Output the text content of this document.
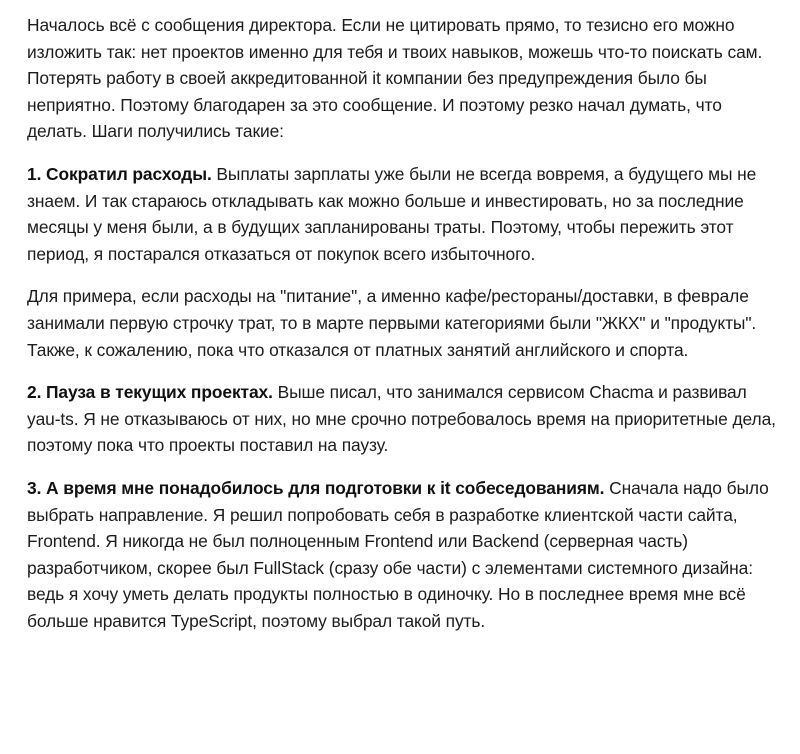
Началось всё с сообщения директора. Если не цитировать прямо, то тезисно его можно изложить так: нет проектов именно для тебя и твоих навыков, можешь что-то поискать сам. Потерять работу в своей аккредитованной it компании без предупреждения было бы неприятно. Поэтому благодарен за это сообщение. И поэтому резко начал думать, что делать. Шаги получились такие:

1. Сократил расходы. Выплаты зарплаты уже были не всегда вовремя, а будущего мы не знаем. И так стараюсь откладывать как можно больше и инвестировать, но за последние месяцы у меня были, а в будущих запланированы траты. Поэтому, чтобы пережить этот период, я постарался отказаться от покупок всего избыточного.

Для примера, если расходы на "питание", а именно кафе/рестораны/доставки, в феврале занимали первую строчку трат, то в марте первыми категориями были "ЖКХ" и "продукты". Также, к сожалению, пока что отказался от платных занятий английского и спорта.

2. Пауза в текущих проектах. Выше писал, что занимался сервисом Chacma и развивал yau-ts. Я не отказываюсь от них, но мне срочно потребовалось время на приоритетные дела, поэтому пока что проекты поставил на паузу.

3. А время мне понадобилось для подготовки к it собеседованиям. Сначала надо было выбрать направление. Я решил попробовать себя в разработке клиентской части сайта, Frontend. Я никогда не был полноценным Frontend или Backend (серверная часть) разработчиком, скорее был FullStack (сразу обе части) с элементами системного дизайна: ведь я хочу уметь делать продукты полностью в одиночку. Но в последнее время мне всё больше нравится TypeScript, поэтому выбрал такой путь.
